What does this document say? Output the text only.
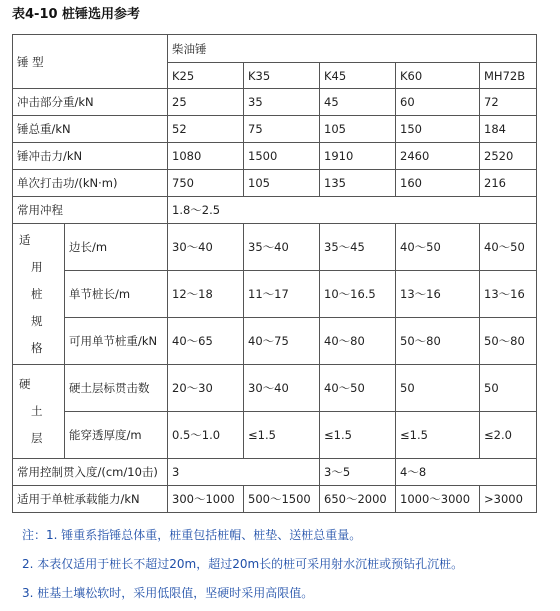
表4-10 桩锤选用参考
锤 型		柴油锤				
		K25	K35	K45	K60	MH72B
冲击部分重/kN		25	35	45	60	72
锤总重/kN		52	75	105	150	184
锤冲击力/kN		1080	1500	1910	2460	2520
单次打击功/(kN·m)		750	105	135	160	216
常用冲程		1.8～2.5				

适
用
桩
规
格	边长/m	30～40	35～40	35～45	40～50	40～50
	单节桩长/m	12～18	11～17	10～16.5	13～16	13～16
	可用单节桩重/kN	40～65	40～75	40～80	50～80	50～80

硬
土
层	硬土层标贯击数	20～30	30～40	40～50	50	50
	能穿透厚度/m	0.5～1.0	≤1.5	≤1.5	≤1.5	≤2.0
常用控制贯入度/(cm/10击)		3		3～5	4～8	
适用于单桩承载能力/kN		300～1000	500～1500	650～2000	1000～3000	>3000
注：1. 锤重系指锤总体重，桩重包括桩帽、桩垫、送桩总重量。
2. 本表仅适用于桩长不超过20m，超过20m长的桩可采用射水沉桩或预钻孔沉桩。
3. 桩基土壤松软时，采用低限值，坚硬时采用高限值。
